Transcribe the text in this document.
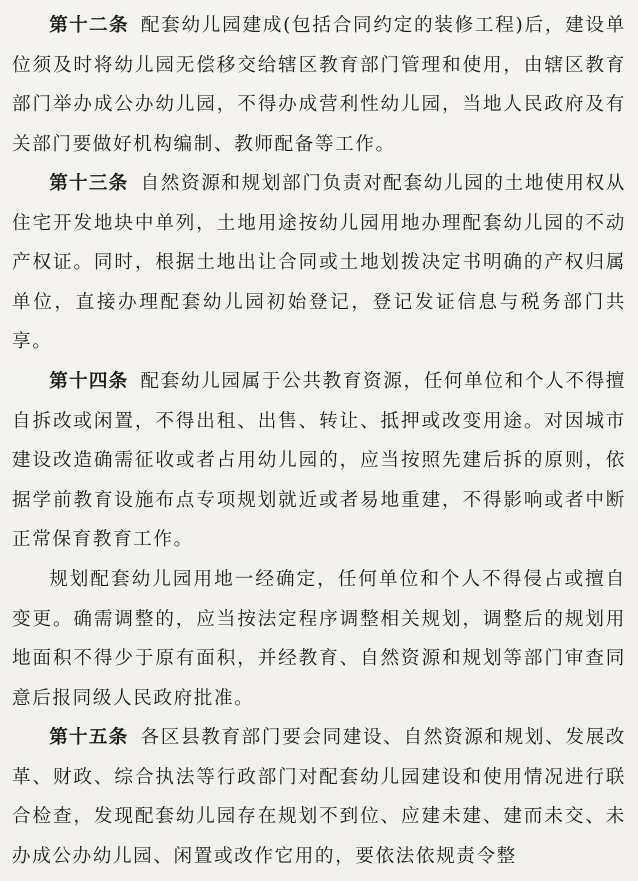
第十二条 配套幼儿园建成(包括合同约定的装修工程)后，建设单位须及时将幼儿园无偿移交给辖区教育部门管理和使用，由辖区教育部门举办成公办幼儿园，不得办成营利性幼儿园，当地人民政府及有关部门要做好机构编制、教师配备等工作。

第十三条 自然资源和规划部门负责对配套幼儿园的土地使用权从住宅开发地块中单列，土地用途按幼儿园用地办理配套幼儿园的不动产权证。同时，根据土地出让合同或土地划拨决定书明确的产权归属单位，直接办理配套幼儿园初始登记，登记发证信息与税务部门共享。

第十四条 配套幼儿园属于公共教育资源，任何单位和个人不得擅自拆改或闲置，不得出租、出售、转让、抵押或改变用途。对因城市建设改造确需征收或者占用幼儿园的，应当按照先建后拆的原则，依据学前教育设施布点专项规划就近或者易地重建，不得影响或者中断正常保育教育工作。

规划配套幼儿园用地一经确定，任何单位和个人不得侵占或擅自变更。确需调整的，应当按法定程序调整相关规划，调整后的规划用地面积不得少于原有面积，并经教育、自然资源和规划等部门审查同意后报同级人民政府批准。

第十五条 各区县教育部门要会同建设、自然资源和规划、发展改革、财政、综合执法等行政部门对配套幼儿园建设和使用情况进行联合检查，发现配套幼儿园存在规划不到位、应建未建、建而未交、未办成公办幼儿园、闲置或改作它用的，要依法依规责令整
